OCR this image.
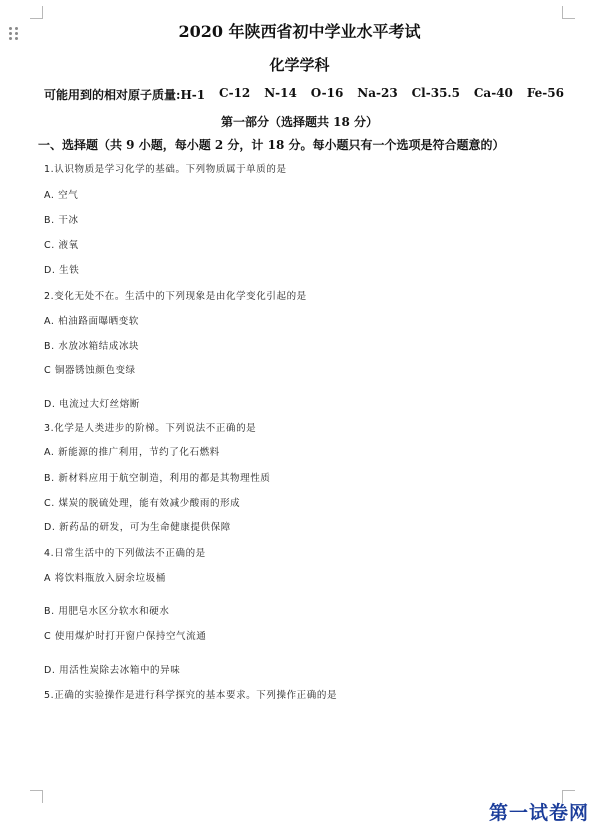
2020 年陕西省初中学业水平考试
化学学科
可能用到的相对原子质量:H-1 C-12 N-14 O-16 Na-23 Cl-35.5 Ca-40 Fe-56
第一部分（选择题共 18 分）
一、选择题（共 9 小题，每小题 2 分，计 18 分。每小题只有一个选项是符合题意的）
1.认识物质是学习化学的基础。下列物质属于单质的是
A. 空气
B. 干冰
C. 液氧
D. 生铁
2.变化无处不在。生活中的下列现象是由化学变化引起的是
A. 柏油路面曝晒变软
B. 水放冰箱结成冰块
C 铜器锈蚀颜色变绿
D. 电流过大灯丝熔断
3.化学是人类进步的阶梯。下列说法不正确的是
A. 新能源的推广利用，节约了化石燃料
B. 新材料应用于航空制造，利用的都是其物理性质
C. 煤炭的脱硫处理，能有效减少酸雨的形成
D. 新药品的研发，可为生命健康提供保障
4.日常生活中的下列做法不正确的是
A 将饮料瓶放入厨余垃圾桶
B. 用肥皂水区分软水和硬水
C 使用煤炉时打开窗户保持空气流通
D. 用活性炭除去冰箱中的异味
5.正确的实验操作是进行科学探究的基本要求。下列操作正确的是
第一试卷网
